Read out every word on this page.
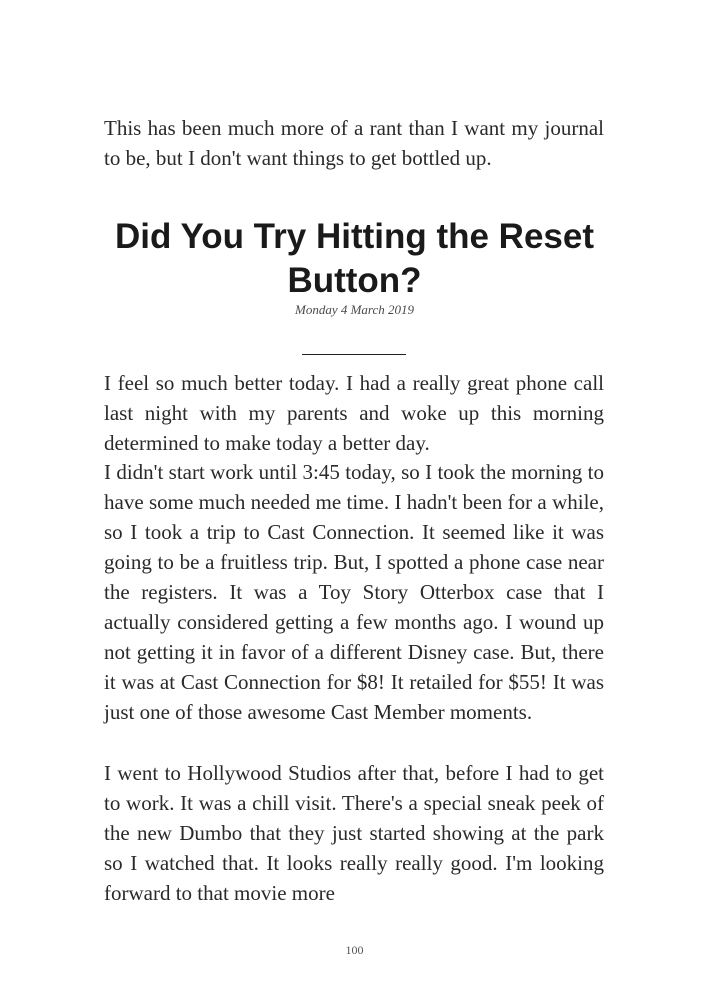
This has been much more of a rant than I want my journal to be, but I don't want things to get bottled up.

Did You Try Hitting the Reset Button?
Monday 4 March 2019

I feel so much better today. I had a really great phone call last night with my parents and woke up this morning determined to make today a better day.

I didn't start work until 3:45 today, so I took the morning to have some much needed me time. I hadn't been for a while, so I took a trip to Cast Connection. It seemed like it was going to be a fruitless trip. But, I spotted a phone case near the registers. It was a Toy Story Otterbox case that I actually considered getting a few months ago. I wound up not getting it in favor of a different Disney case. But, there it was at Cast Connection for $8! It retailed for $55! It was just one of those awesome Cast Member moments.

I went to Hollywood Studios after that, before I had to get to work. It was a chill visit. There's a special sneak peek of the new Dumbo that they just started showing at the park so I watched that. It looks really really good. I'm looking forward to that movie more

100
